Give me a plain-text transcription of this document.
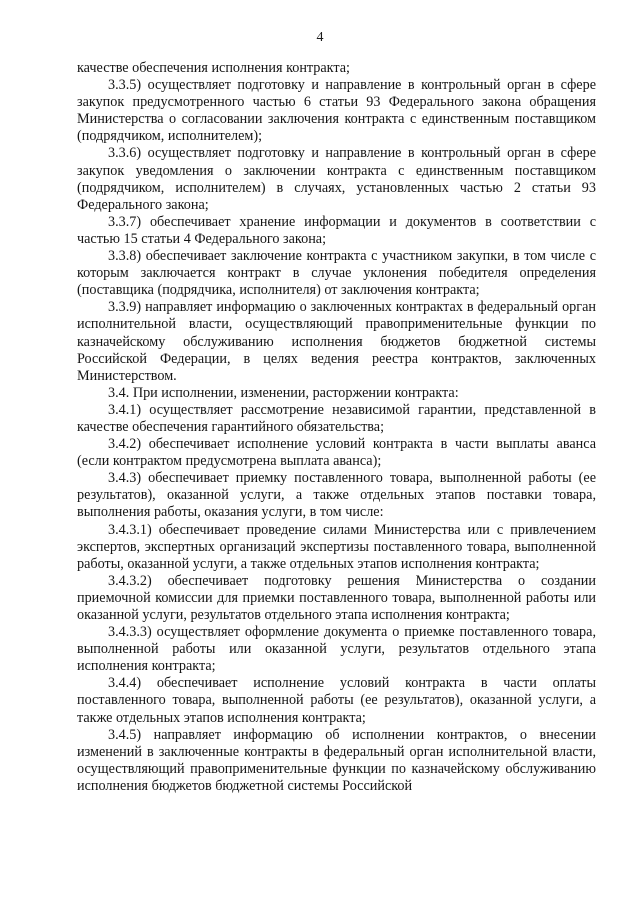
4

качестве обеспечения исполнения контракта;

3.3.5) осуществляет подготовку и направление в контрольный орган в сфере закупок предусмотренного частью 6 статьи 93 Федерального закона обращения Министерства о согласовании заключения контракта с единственным поставщиком (подрядчиком, исполнителем);

3.3.6) осуществляет подготовку и направление в контрольный орган в сфере закупок уведомления о заключении контракта с единственным поставщиком (подрядчиком, исполнителем) в случаях, установленных частью 2 статьи 93 Федерального закона;

3.3.7) обеспечивает хранение информации и документов в соответствии с частью 15 статьи 4 Федерального закона;

3.3.8) обеспечивает заключение контракта с участником закупки, в том числе с которым заключается контракт в случае уклонения победителя определения (поставщика (подрядчика, исполнителя) от заключения контракта;

3.3.9) направляет информацию о заключенных контрактах в федеральный орган исполнительной власти, осуществляющий правоприменительные функции по казначейскому обслуживанию исполнения бюджетов бюджетной системы Российской Федерации, в целях ведения реестра контрактов, заключенных Министерством.

3.4. При исполнении, изменении, расторжении контракта:

3.4.1) осуществляет рассмотрение независимой гарантии, представленной в качестве обеспечения гарантийного обязательства;

3.4.2) обеспечивает исполнение условий контракта в части выплаты аванса (если контрактом предусмотрена выплата аванса);

3.4.3) обеспечивает приемку поставленного товара, выполненной работы (ее результатов), оказанной услуги, а также отдельных этапов поставки товара, выполнения работы, оказания услуги, в том числе:

3.4.3.1) обеспечивает проведение силами Министерства или с привлечением экспертов, экспертных организаций экспертизы поставленного товара, выполненной работы, оказанной услуги, а также отдельных этапов исполнения контракта;

3.4.3.2) обеспечивает подготовку решения Министерства о создании приемочной комиссии для приемки поставленного товара, выполненной работы или оказанной услуги, результатов отдельного этапа исполнения контракта;

3.4.3.3) осуществляет оформление документа о приемке поставленного товара, выполненной работы или оказанной услуги, результатов отдельного этапа исполнения контракта;

3.4.4) обеспечивает исполнение условий контракта в части оплаты поставленного товара, выполненной работы (ее результатов), оказанной услуги, а также отдельных этапов исполнения контракта;

3.4.5) направляет информацию об исполнении контрактов, о внесении изменений в заключенные контракты в федеральный орган исполнительной власти, осуществляющий правоприменительные функции по казначейскому обслуживанию исполнения бюджетов бюджетной системы Российской
